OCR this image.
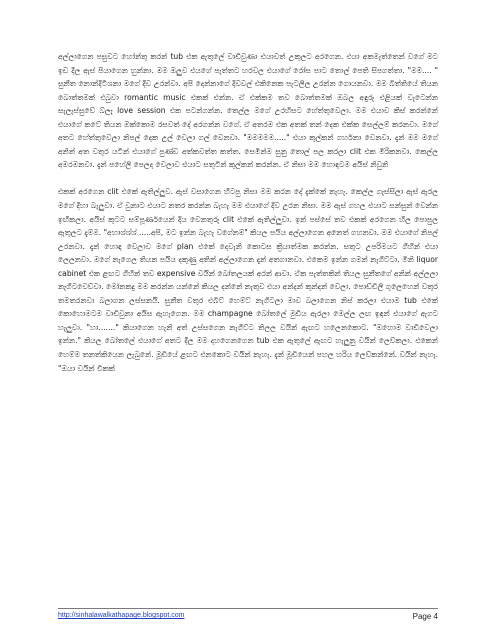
අල්ලාගෙන පසුවට හෝන්තු කරන් tub එක ඇතුලේ වාඩිවුණා එයාවත් උකුලට අරගෙන. එයා අකමැත්තෙන් වගේ මට ඉඩ දීල ඇස් පියාගෙන හුන්නා. මම ඔලුව එයගේ පැත්තට හරවල එයාගේ රෝස පාට තොල් පෙති සිපගත්තා. "මම.... " සුනීත නොන්දිටිශනා මගේ දිව උරන්වා. අපි දෙන්නාගේ දිවවල් එකිනෙක පැටලිල උරන්න ගොයනවා. මම බිත්තියේ තියන බොත්තමක් එබුවා romantic music එකක් එන්න. ඒ එක්කම තව බොත්තමක් ඔබල අඳුරු එළියක් වැටෙන්න සැලැස්සුවේ බ්ලෑ love session එක පටන්ගන්න. තෙල්ල මගේ උරහිසට හේත්තුවෙලා. මම එයාව කිස් කරන්නේ එයාගේ කටේ තියන ඔක්කොම රසවත් දේ අරගන්න වගේ. ඒ අතරම එක අතක් තන් දෙක එක්ක සෙල්ලම් කරනවා. මගේ අතට හේත්තුවෙලා නිපල් දෙක උල් වෙලා ගල් වෙනවා. "මමමමම....." එයා කුල්කන් ගර්හනා වෙනවා. දැන් මම මගේ අනිත් අත වතුර යටින් එයාගේ පුණ්ඩ අත්කවත්ත කත්ත. සෙමින්ම සුනු තොල් පල කරලා clit එක මිරිකනවා. කෙල්ල අමරමනවා. දැන් පහේලි පෙලද වෙලාව එයාට සතුටින් කුල්කන් කරන්න. ඒ නිසා මම හොඳටම අයිස් නිවුනි

එකක් අරගෙන clit එකේ ඇතිල්ලුව. ඇස් වසාගෙන හිටපු නිසා මම කරන දේ දැක්කේ නැහැ. කෙල්ල ගැස්සිලා ඇස් ඇරල මගේ දිහා බැලුවා. ඒ වුනාට එයාට නතර කරන්න බැහැ මම එයාගේ දිව උරන නිසා. මම ඇස් ගහල එයාට සන්සුන් වෙන්න ඉඟිකලා. අයිස් කුටට සම්පූර්ණයෙන් දිය වෙනතුරු clit එකේ ඇතිල්ලුවා. ඉන් පස්සේ තව එකක් අරගෙන හිල පොපුල ඇතුලට දැම්ම. "අහාශ්ශ්ශ් .....අපි, මට ඉන්න බැහැ වගේනම්" කියල පයිය අල්ලාගෙන අනෙත් ගහනවා. මම එයාගේ නිපල් උරනවා. දැන් හොඳ වෙලාව මගේ plan එකේ දෙවැනි කොටස ක්‍රියාත්මක කරන්න. සතුට උපරිමයට ගිහින් එයා ලෙලනවා. මගේ නැගෙල තියන පයිය දකුණු අතින් අල්ලාගෙන දැන් අතගානවා. එකෙම ඉන්න ගමන් නැගිට්ටා. මිනි liquor cabinet එක ළඟට ගිහින් තව expensive වයින් බෝතලයක් අරන් ආවා. ඒක පැත්තකින් තියල සුනීතගේ අනින් අල්ලලා නැගිටවෙව්වා. මෝනකදු මම කරන්න යන්නේ කියල දන්නේ නැතුව එයා අන්දන් කුන්දන් වෙලා. පොඩ්ඩිලි ගුලෙහෙන් වතුර තමතරනවා බලාගන ලස්සනයි. සුනීත වතුර එබිට් හෙම්ට් නැගිටලා මාව බලාගෙන නිස් කරලා එයාම tub එකේ කොහොමටම වාඩිවුනා අයිස ඇහැගෙන. මම champagne බෝතලේ මුඩිය ඇරලා මෙල්ල ලඟ ඉඳන් එයාගේ ඇගට හැලුවා. "හා......." කියාගෙන හැනි අත් උස්සගෙන නැගිට්ට තිලල වයින් ඇඟට හලෙනකොට. "ඔහොම වාඩිවෙලා ඉන්න." කියල බෝතලේ එයාගේ අතට දීල මම දහගෙනගෙන tub එක ඇතුලේ ඇඟට හැලුනු වයින් ලෙව්කලා. එකෙන් හෙම්ම තනත්කියෙන ලැබුනේ. මූඩියේ ළඟට එනකොට වයින් නැහැ. දැන් මූඩියෙන් පහල හරිය ලෙව්කන්නේ. වයින් නැහැ. "ඔයා වයින් විකක්

http://sinhalawalkathapage.blogspot.com	Page 4
